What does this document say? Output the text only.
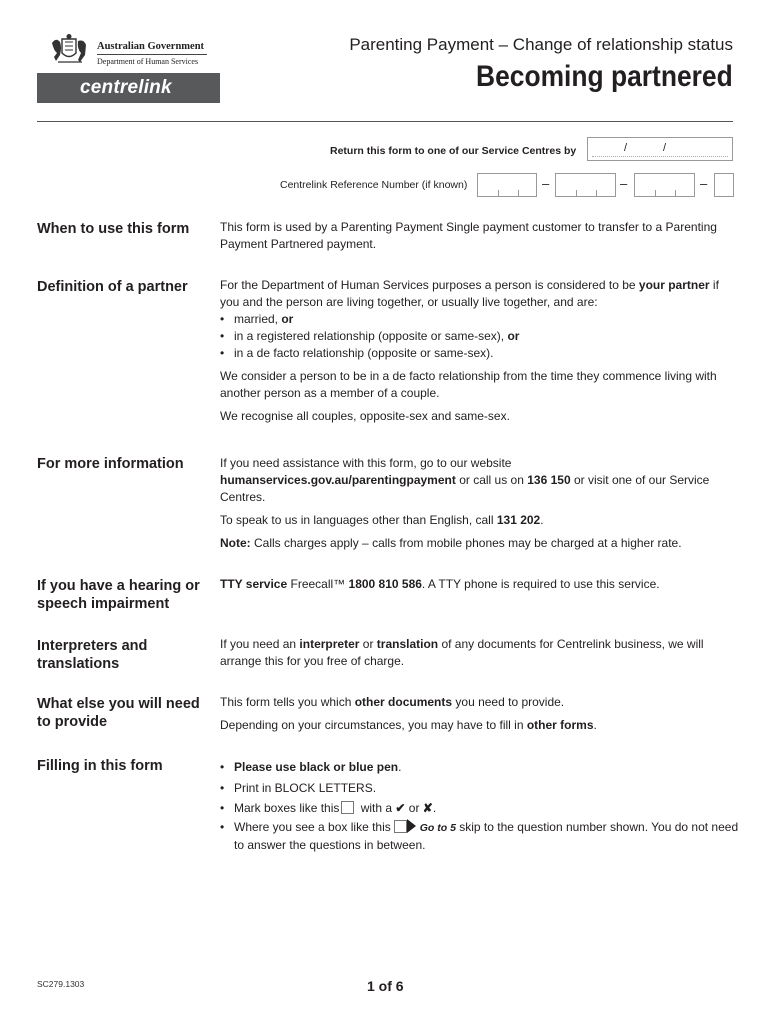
Australian Government
Department of Human Services
centrelink
Parenting Payment – Change of relationship status
Becoming partnered
Return this form to one of our Service Centres by	/	/
Centrelink Reference Number (if known)	–	–	–
When to use this form	This form is used by a Parenting Payment Single payment customer to transfer to a Parenting Payment Partnered payment.

Definition of a partner	For the Department of Human Services purposes a person is considered to be your partner if you and the person are living together, or usually live together, and are:

• married, or
• in a registered relationship (opposite or same-sex), or
• in a de facto relationship (opposite or same-sex).

We consider a person to be in a de facto relationship from the time they commence living with another person as a member of a couple.

We recognise all couples, opposite-sex and same-sex.

For more information	If you need assistance with this form, go to our website humanservices.gov.au/parentingpayment or call us on 136 150 or visit one of our Service Centres.

To speak to us in languages other than English, call 131 202.

Note: Calls charges apply – calls from mobile phones may be charged at a higher rate.

If you have a hearing or speech impairment

TTY service Freecall™ 1800 810 586. A TTY phone is required to use this service.

Interpreters and translations

If you need an interpreter or translation of any documents for Centrelink business, we will arrange this for you free of charge.

What else you will need to provide

This form tells you which other documents you need to provide.

Depending on your circumstances, you may have to fill in other forms.

Filling in this form
•	Please use black or blue pen.
• Print in BLOCK LETTERS.
• Mark boxes like this with a ✔ or ✘.
• Where you see a box like this	Go to 5 skip to the question number shown. You do not need to answer the questions in between.
SC279.1303	1 of 6
